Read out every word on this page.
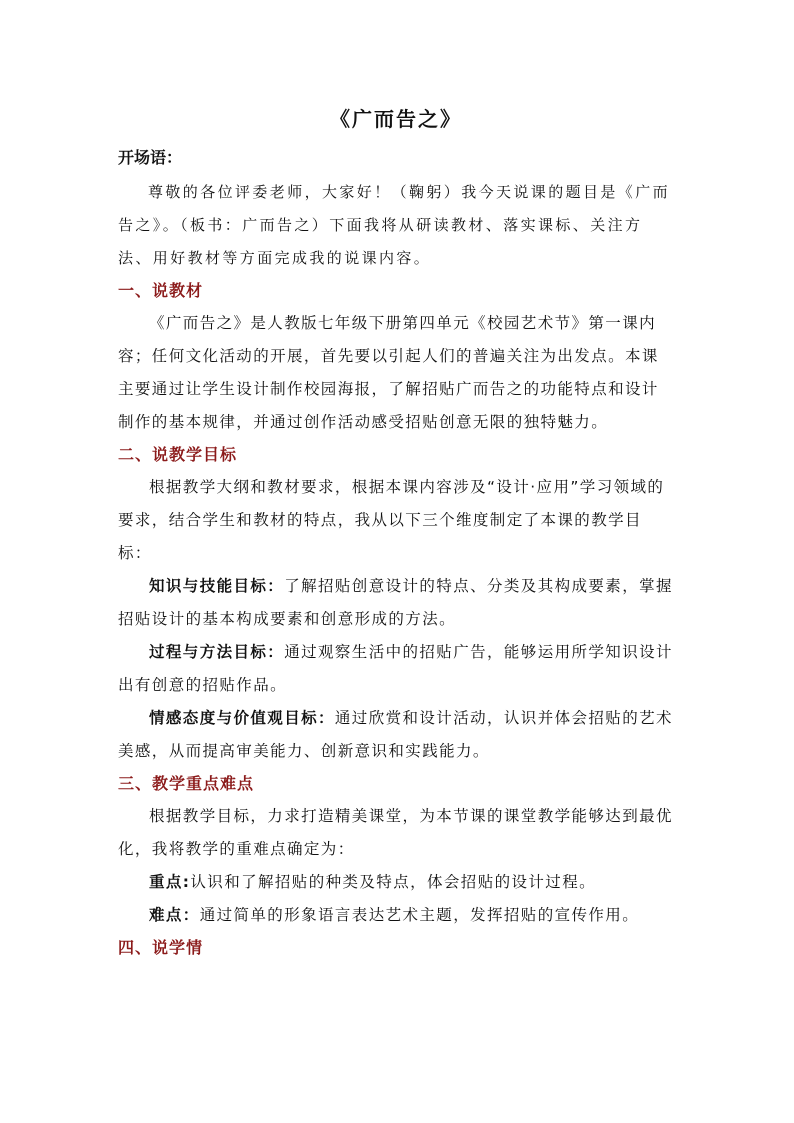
《广而告之》
开场语：

尊敬的各位评委老师，大家好！（鞠躬）我今天说课的题目是《广而告之》。（板书：广而告之）下面我将从研读教材、落实课标、关注方法、用好教材等方面完成我的说课内容。

一、说教材

《广而告之》是人教版七年级下册第四单元《校园艺术节》第一课内容；任何文化活动的开展，首先要以引起人们的普遍关注为出发点。本课主要通过让学生设计制作校园海报，了解招贴广而告之的功能特点和设计制作的基本规律，并通过创作活动感受招贴创意无限的独特魅力。

二、说教学目标

根据教学大纲和教材要求，根据本课内容涉及“设计·应用”学习领域的要求，结合学生和教材的特点，我从以下三个维度制定了本课的教学目标：

知识与技能目标：了解招贴创意设计的特点、分类及其构成要素，掌握招贴设计的基本构成要素和创意形成的方法。

过程与方法目标：通过观察生活中的招贴广告，能够运用所学知识设计出有创意的招贴作品。

情感态度与价值观目标：通过欣赏和设计活动，认识并体会招贴的艺术美感，从而提高审美能力、创新意识和实践能力。

三、教学重点难点

根据教学目标，力求打造精美课堂，为本节课的课堂教学能够达到最优化，我将教学的重难点确定为：

重点:认识和了解招贴的种类及特点，体会招贴的设计过程。

难点：通过简单的形象语言表达艺术主题，发挥招贴的宣传作用。

四、说学情
